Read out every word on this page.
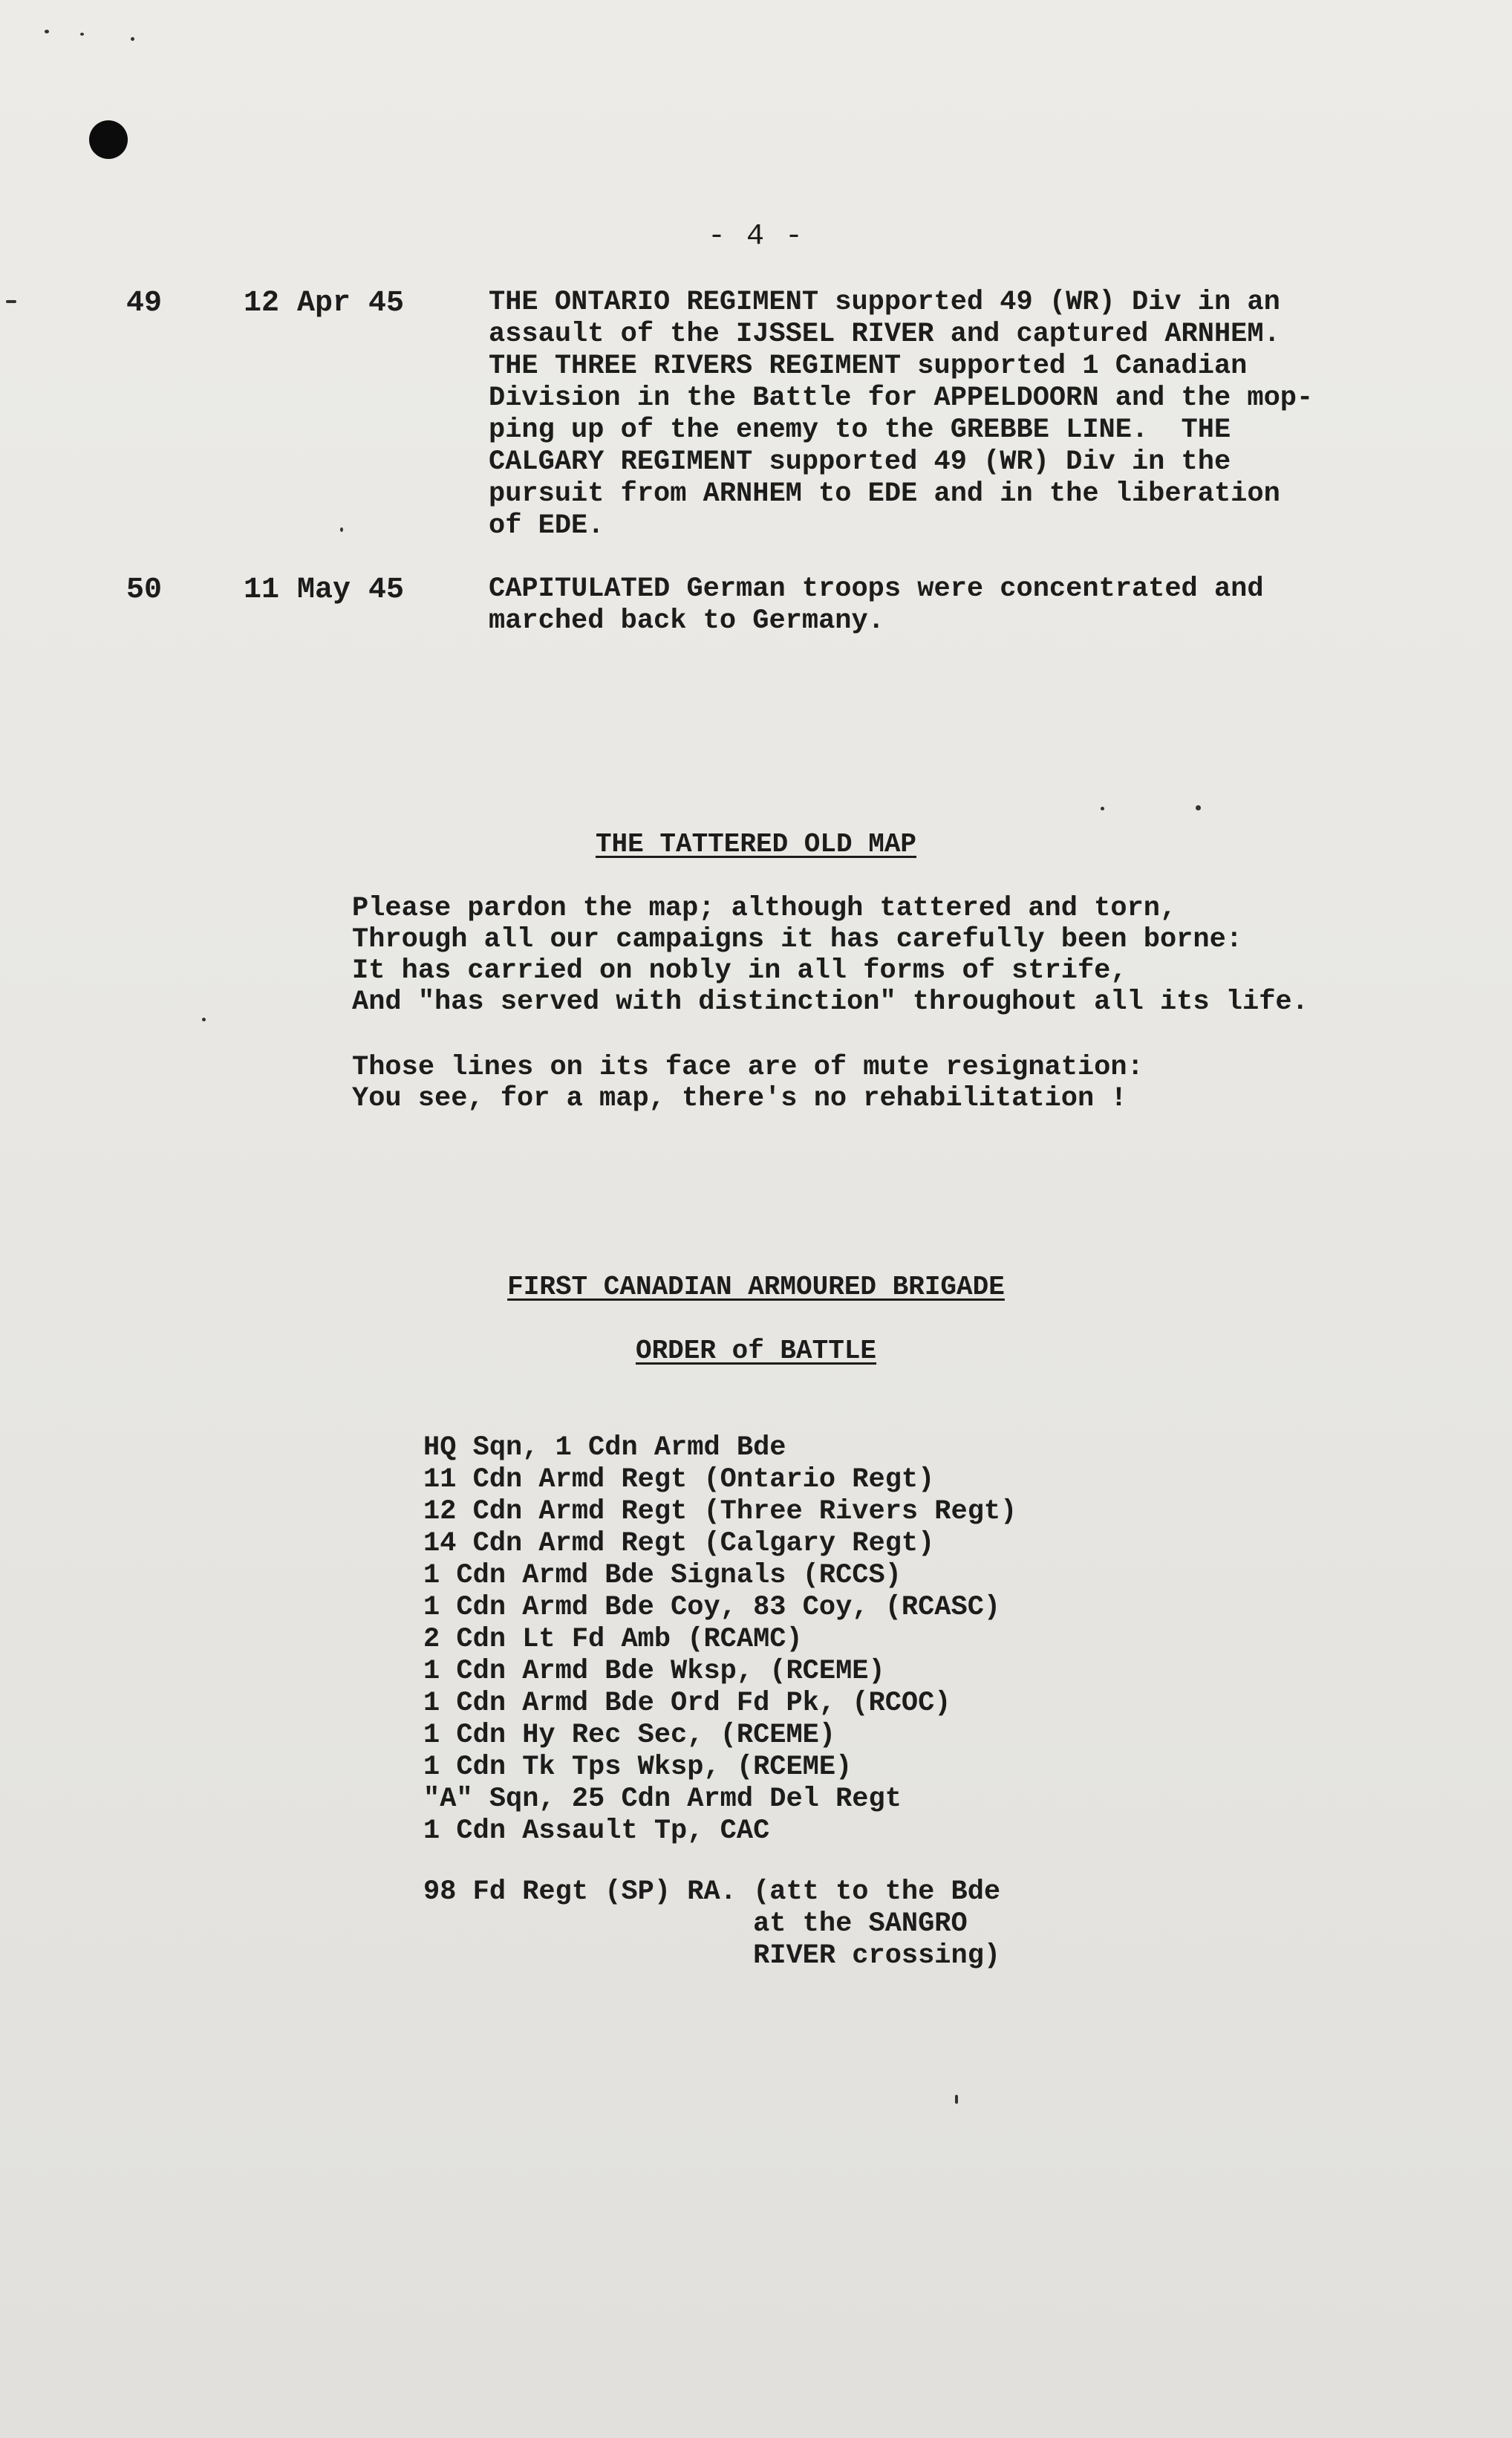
- 4 -
49	12 Apr 45	THE ONTARIO REGIMENT supported 49 (WR) Div in an
assault of the IJSSEL RIVER and captured ARNHEM.
THE THREE RIVERS REGIMENT supported 1 Canadian
Division in the Battle for APPELDOORN and the mop-
ping up of the enemy to the GREBBE LINE.  THE
CALGARY REGIMENT supported 49 (WR) Div in the
pursuit from ARNHEM to EDE and in the liberation
of EDE.
50	11 May 45	CAPITULATED German troops were concentrated and
marched back to Germany.
THE TATTERED OLD MAP
Please pardon the map; although tattered and torn,
Through all our campaigns it has carefully been borne:
It has carried on nobly in all forms of strife,
And "has served with distinction" throughout all its life.
Those lines on its face are of mute resignation:
You see, for a map, there's no rehabilitation !
FIRST CANADIAN ARMOURED BRIGADE
ORDER of BATTLE
HQ Sqn, 1 Cdn Armd Bde
11 Cdn Armd Regt (Ontario Regt)
12 Cdn Armd Regt (Three Rivers Regt)
14 Cdn Armd Regt (Calgary Regt)
1 Cdn Armd Bde Signals (RCCS)
1 Cdn Armd Bde Coy, 83 Coy, (RCASC)
2 Cdn Lt Fd Amb (RCAMC)
1 Cdn Armd Bde Wksp, (RCEME)
1 Cdn Armd Bde Ord Fd Pk, (RCOC)
1 Cdn Hy Rec Sec, (RCEME)
1 Cdn Tk Tps Wksp, (RCEME)
"A" Sqn, 25 Cdn Armd Del Regt
1 Cdn Assault Tp, CAC
98 Fd Regt (SP) RA. (att to the Bde
at the SANGRO
RIVER crossing)
